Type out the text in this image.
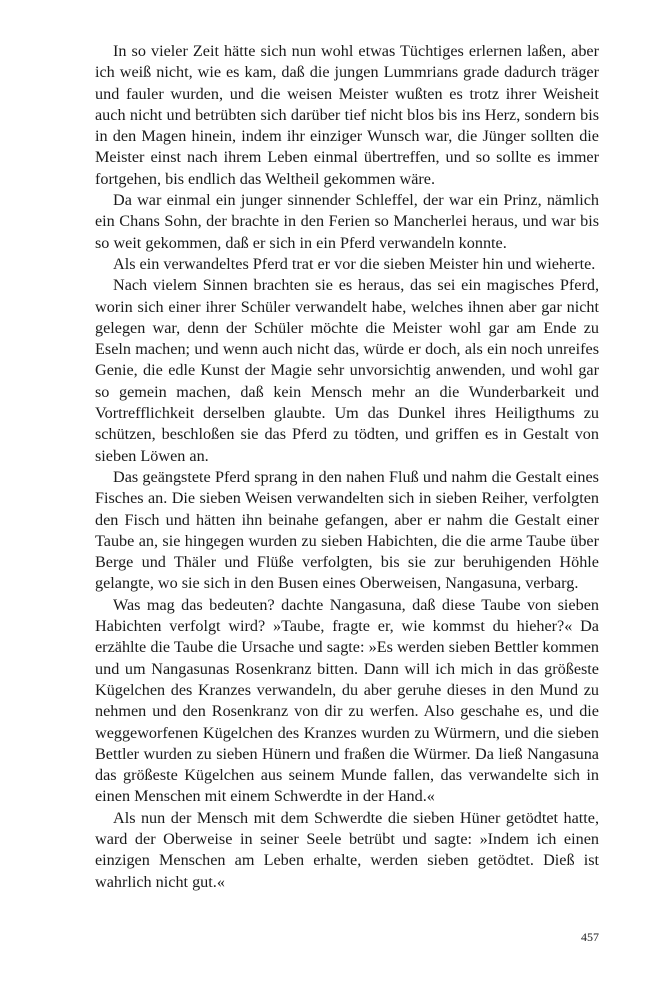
In so vieler Zeit hätte sich nun wohl etwas Tüchtiges erlernen laßen, aber ich weiß nicht, wie es kam, daß die jungen Lummrians grade dadurch träger und fauler wurden, und die weisen Meister wußten es trotz ihrer Weisheit auch nicht und betrübten sich darüber tief nicht blos bis ins Herz, sondern bis in den Magen hinein, indem ihr einziger Wunsch war, die Jünger sollten die Meister einst nach ihrem Leben einmal übertreffen, und so sollte es immer fortgehen, bis endlich das Weltheil gekommen wäre.

Da war einmal ein junger sinnender Schleffel, der war ein Prinz, nämlich ein Chans Sohn, der brachte in den Ferien so Mancherlei heraus, und war bis so weit gekommen, daß er sich in ein Pferd verwandeln konnte.

Als ein verwandeltes Pferd trat er vor die sieben Meister hin und wieherte.

Nach vielem Sinnen brachten sie es heraus, das sei ein magisches Pferd, worin sich einer ihrer Schüler verwandelt habe, welches ihnen aber gar nicht gelegen war, denn der Schüler möchte die Meister wohl gar am Ende zu Eseln machen; und wenn auch nicht das, würde er doch, als ein noch unreifes Genie, die edle Kunst der Magie sehr unvorsichtig anwenden, und wohl gar so gemein machen, daß kein Mensch mehr an die Wunderbarkeit und Vortrefflichkeit derselben glaubte. Um das Dunkel ihres Heiligthums zu schützen, beschloßen sie das Pferd zu tödten, und griffen es in Gestalt von sieben Löwen an.

Das geängstete Pferd sprang in den nahen Fluß und nahm die Gestalt eines Fisches an. Die sieben Weisen verwandelten sich in sieben Reiher, verfolgten den Fisch und hätten ihn beinahe gefangen, aber er nahm die Gestalt einer Taube an, sie hingegen wurden zu sieben Habichten, die die arme Taube über Berge und Thäler und Flüße verfolgten, bis sie zur beruhigenden Höhle gelangte, wo sie sich in den Busen eines Oberweisen, Nangasuna, verbarg.

Was mag das bedeuten? dachte Nangasuna, daß diese Taube von sieben Habichten verfolgt wird? »Taube, fragte er, wie kommst du hieher?« Da erzählte die Taube die Ursache und sagte: »Es werden sieben Bettler kommen und um Nangasunas Rosenkranz bitten. Dann will ich mich in das größeste Kügelchen des Kranzes verwandeln, du aber geruhe dieses in den Mund zu nehmen und den Rosenkranz von dir zu werfen. Also geschahe es, und die weggeworfenen Kügelchen des Kranzes wurden zu Würmern, und die sieben Bettler wurden zu sieben Hünern und fraßen die Würmer. Da ließ Nangasuna das größeste Kügelchen aus seinem Munde fallen, das verwandelte sich in einen Menschen mit einem Schwerdte in der Hand.«

Als nun der Mensch mit dem Schwerdte die sieben Hüner getödtet hatte, ward der Oberweise in seiner Seele betrübt und sagte: »Indem ich einen einzigen Menschen am Leben erhalte, werden sieben getödtet. Dieß ist wahrlich nicht gut.«

457
